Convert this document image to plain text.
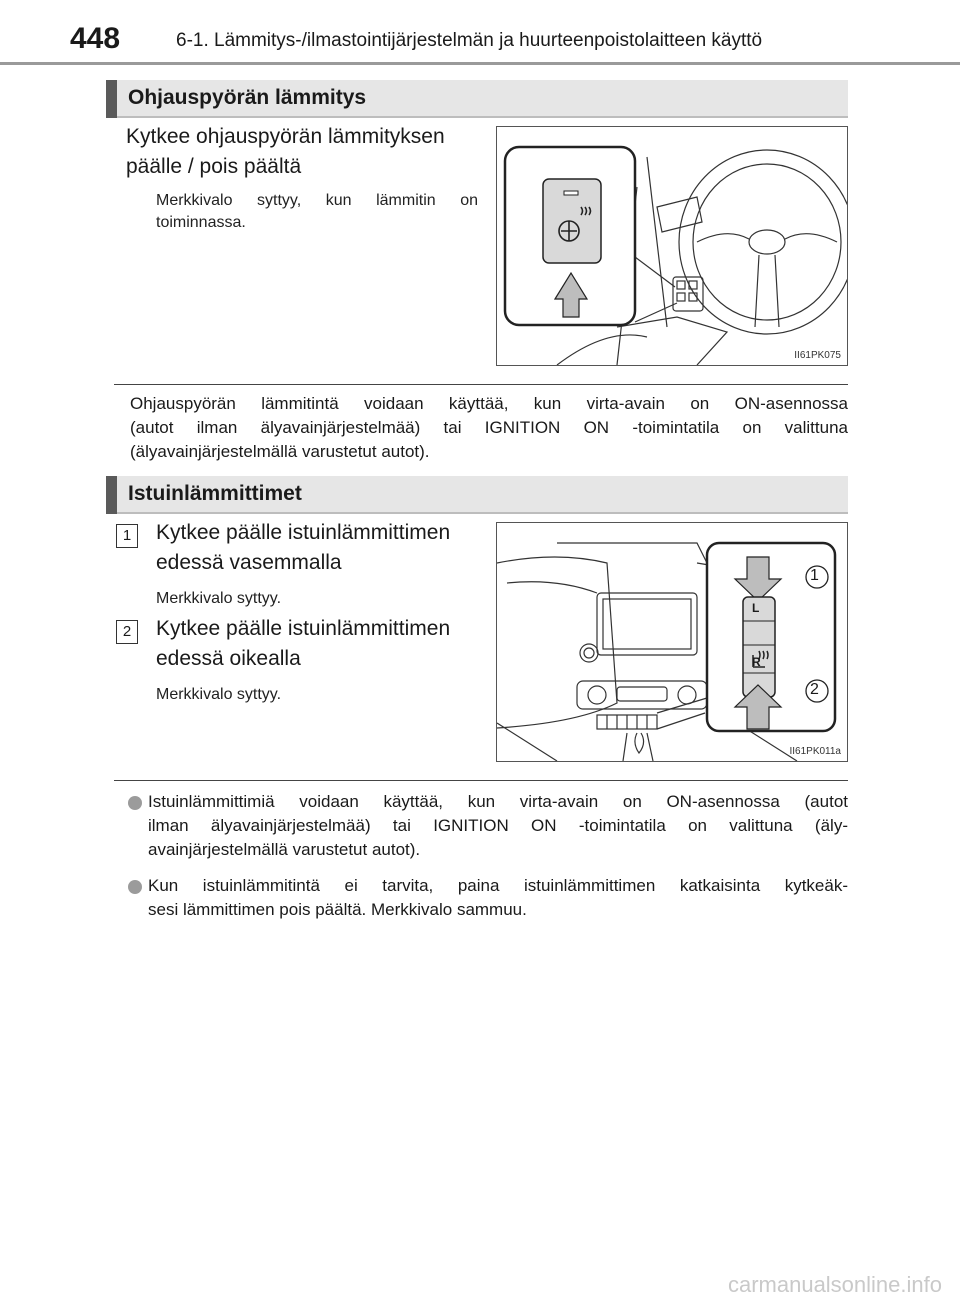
448	6-1. Lämmitys-/ilmastointijärjestelmän ja huurteenpoistolaitteen käyttö
Ohjauspyörän lämmitys
Kytkee ohjauspyörän lämmityksen
päälle / pois päältä
Merkkivalo syttyy, kun lämmitin on
toiminnassa.
II61PK075
Ohjauspyörän lämmitintä voidaan käyttää, kun virta-avain on ON-asennossa
(autot ilman älyavainjärjestelmää) tai IGNITION ON -toimintatila on valittuna
(älyavainjärjestelmällä varustetut autot).
Istuinlämmittimet
1	Kytkee päälle istuinlämmittimen
edessä vasemmalla
Merkkivalo syttyy.
2	Kytkee päälle istuinlämmittimen
edessä oikealla
Merkkivalo syttyy.
1
2
L
R
II61PK011a
Istuinlämmittimiä voidaan käyttää, kun virta-avain on ON-asennossa (autot
ilman älyavainjärjestelmää) tai IGNITION ON -toimintatila on valittuna (äly-
avainjärjestelmällä varustetut autot).
Kun istuinlämmitintä ei tarvita, paina istuinlämmittimen katkaisinta kytkeäk-
sesi lämmittimen pois päältä. Merkkivalo sammuu.
carmanualsonline.info
